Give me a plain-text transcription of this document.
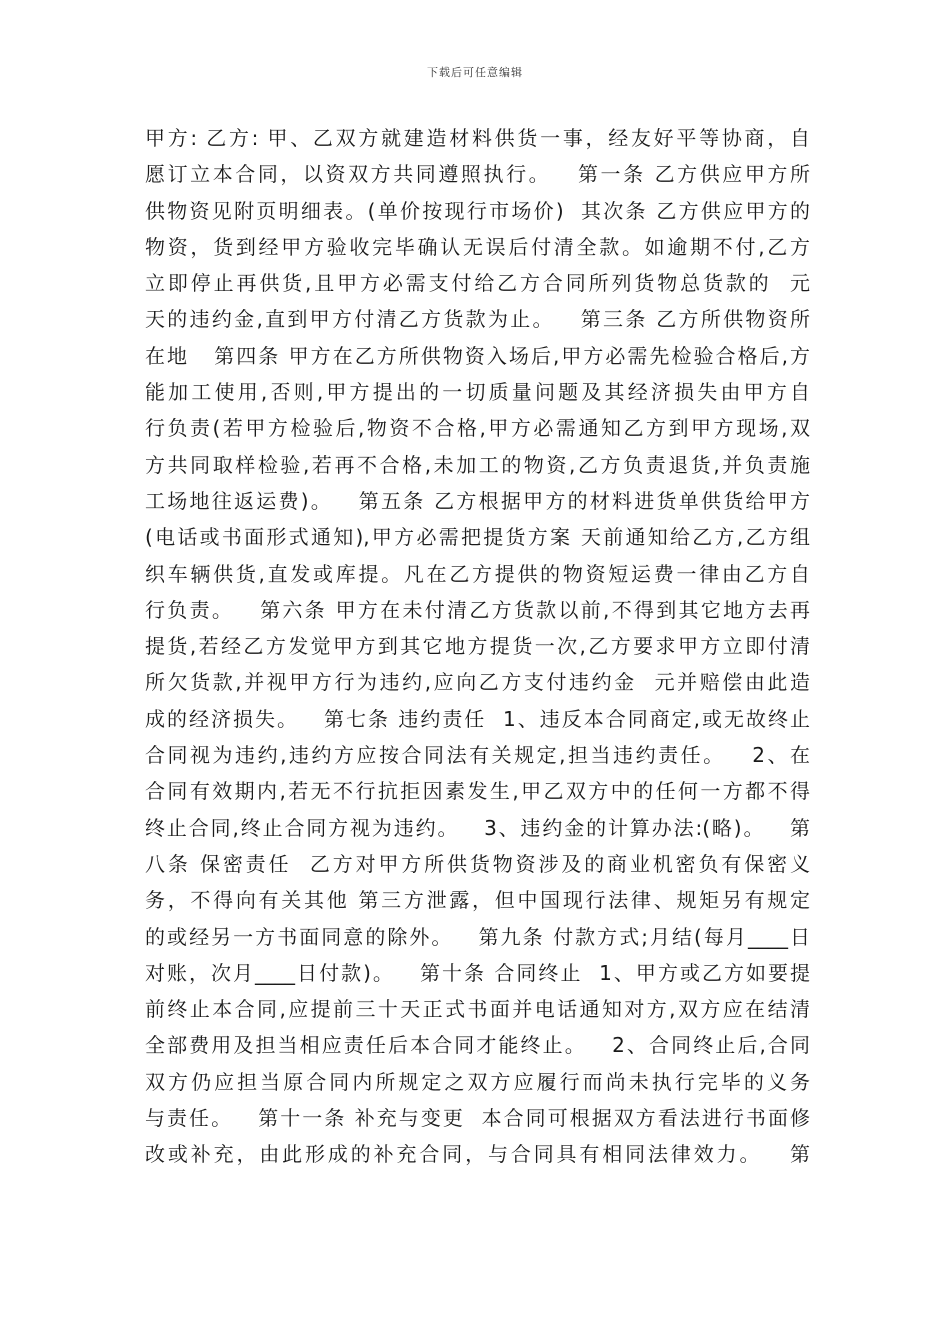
下载后可任意编辑
甲方: 乙方: 甲、乙双方就建造材料供货一事，经友好平等协商，自
愿订立本合同，以资双方共同遵照执行。   第一条 乙方供应甲方所
供物资见附页明细表。(单价按现行市场价)  其次条 乙方供应甲方的
物资，货到经甲方验收完毕确认无误后付清全款。如逾期不付,乙方
立即停止再供货,且甲方必需支付给乙方合同所列货物总货款的  元
天的违约金,直到甲方付清乙方货款为止。   第三条 乙方所供物资所
在地   第四条 甲方在乙方所供物资入场后,甲方必需先检验合格后,方
能加工使用,否则,甲方提出的一切质量问题及其经济损失由甲方自
行负责(若甲方检验后,物资不合格,甲方必需通知乙方到甲方现场,双
方共同取样检验,若再不合格,未加工的物资,乙方负责退货,并负责施
工场地往返运费)。   第五条 乙方根据甲方的材料进货单供货给甲方
(电话或书面形式通知),甲方必需把提货方案 天前通知给乙方,乙方组
织车辆供货,直发或库提。凡在乙方提供的物资短运费一律由乙方自
行负责。   第六条 甲方在未付清乙方货款以前,不得到其它地方去再
提货,若经乙方发觉甲方到其它地方提货一次,乙方要求甲方立即付清
所欠货款,并视甲方行为违约,应向乙方支付违约金  元并赔偿由此造
成的经济损失。   第七条 违约责任  1、违反本合同商定,或无故终止
合同视为违约,违约方应按合同法有关规定,担当违约责任。   2、在
合同有效期内,若无不行抗拒因素发生,甲乙双方中的任何一方都不得
终止合同,终止合同方视为违约。   3、违约金的计算办法:(略)。   第
八条 保密责任  乙方对甲方所供货物资涉及的商业机密负有保密义
务，不得向有关其他 第三方泄露，但中国现行法律、规矩另有规定
的或经另一方书面同意的除外。   第九条 付款方式;月结(每月____日
对账，次月____日付款)。   第十条 合同终止  1、甲方或乙方如要提
前终止本合同,应提前三十天正式书面并电话通知对方,双方应在结清
全部费用及担当相应责任后本合同才能终止。   2、合同终止后,合同
双方仍应担当原合同内所规定之双方应履行而尚未执行完毕的义务
与责任。   第十一条 补充与变更  本合同可根据双方看法进行书面修
改或补充，由此形成的补充合同，与合同具有相同法律效力。   第
